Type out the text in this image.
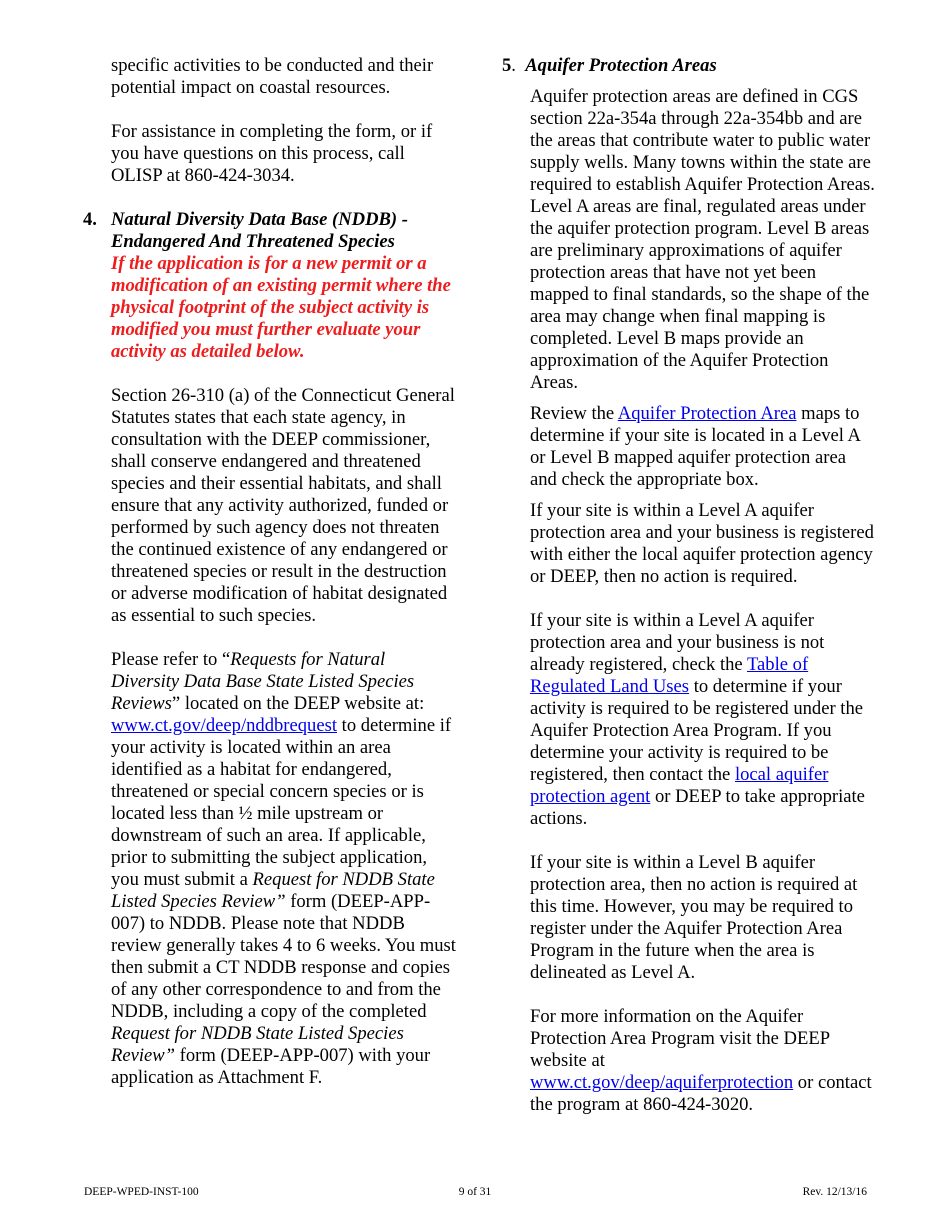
specific activities to be conducted and their potential impact on coastal resources.

For assistance in completing the form, or if you have questions on this process, call OLISP at 860-424-3034.

4. Natural Diversity Data Base (NDDB) - Endangered And Threatened Species

If the application is for a new permit or a modification of an existing permit where the physical footprint of the subject activity is modified you must further evaluate your activity as detailed below.

Section 26-310 (a) of the Connecticut General Statutes states that each state agency, in consultation with the DEEP commissioner, shall conserve endangered and threatened species and their essential habitats, and shall ensure that any activity authorized, funded or performed by such agency does not threaten the continued existence of any endangered or threatened species or result in the destruction or adverse modification of habitat designated as essential to such species.

Please refer to “Requests for Natural Diversity Data Base State Listed Species Reviews” located on the DEEP website at: www.ct.gov/deep/nddbrequest to determine if your activity is located within an area identified as a habitat for endangered, threatened or special concern species or is located less than ½ mile upstream or downstream of such an area. If applicable, prior to submitting the subject application, you must submit a Request for NDDB State Listed Species Review” form (DEEP-APP-007) to NDDB. Please note that NDDB review generally takes 4 to 6 weeks. You must then submit a CT NDDB response and copies of any other correspondence to and from the NDDB, including a copy of the completed Request for NDDB State Listed Species Review” form (DEEP-APP-007) with your application as Attachment F.

5. Aquifer Protection Areas

Aquifer protection areas are defined in CGS section 22a-354a through 22a-354bb and are the areas that contribute water to public water supply wells. Many towns within the state are required to establish Aquifer Protection Areas. Level A areas are final, regulated areas under the aquifer protection program. Level B areas are preliminary approximations of aquifer protection areas that have not yet been mapped to final standards, so the shape of the area may change when final mapping is completed. Level B maps provide an approximation of the Aquifer Protection Areas.

Review the Aquifer Protection Area maps to determine if your site is located in a Level A or Level B mapped aquifer protection area and check the appropriate box.

If your site is within a Level A aquifer protection area and your business is registered with either the local aquifer protection agency or DEEP, then no action is required.

If your site is within a Level A aquifer protection area and your business is not already registered, check the Table of Regulated Land Uses to determine if your activity is required to be registered under the Aquifer Protection Area Program. If you determine your activity is required to be registered, then contact the local aquifer protection agent or DEEP to take appropriate actions.

If your site is within a Level B aquifer protection area, then no action is required at this time. However, you may be required to register under the Aquifer Protection Area Program in the future when the area is delineated as Level A.

For more information on the Aquifer Protection Area Program visit the DEEP website at
www.ct.gov/deep/aquiferprotection or contact the program at 860-424-3020.

9 of 31
DEEP-WPED-INST-100	Rev. 12/13/16
